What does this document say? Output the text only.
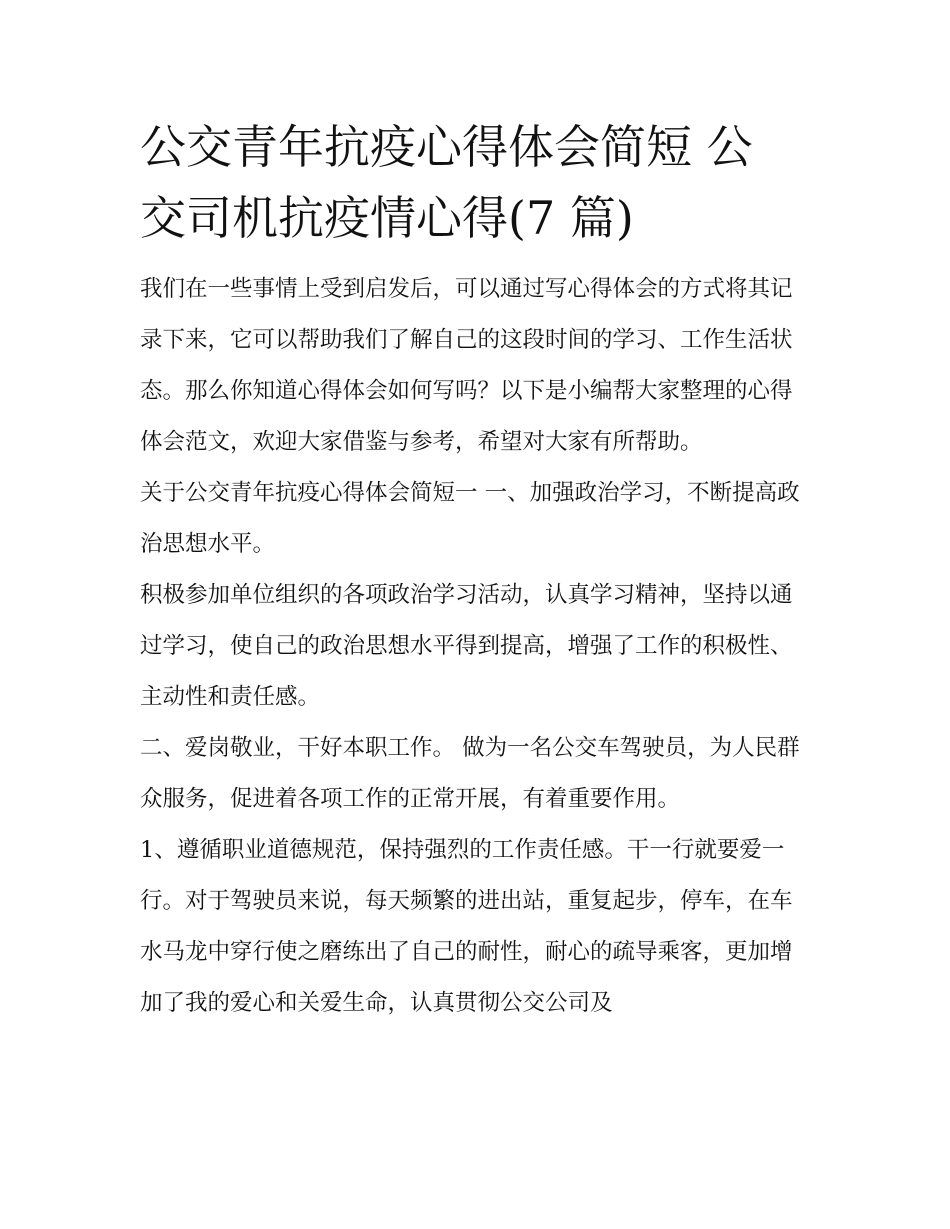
公交青年抗疫心得体会简短 公
交司机抗疫情心得(7 篇)

我们在一些事情上受到启发后，可以通过写心得体会的方式将其记录下来，它可以帮助我们了解自己的这段时间的学习、工作生活状态。那么你知道心得体会如何写吗？以下是小编帮大家整理的心得体会范文，欢迎大家借鉴与参考，希望对大家有所帮助。

关于公交青年抗疫心得体会简短一 一、加强政治学习，不断提高政治思想水平。

积极参加单位组织的各项政治学习活动，认真学习精神，坚持以通过学习，使自己的政治思想水平得到提高，增强了工作的积极性、主动性和责任感。

二、爱岗敬业，干好本职工作。 做为一名公交车驾驶员，为人民群众服务，促进着各项工作的正常开展，有着重要作用。

1、遵循职业道德规范，保持强烈的工作责任感。干一行就要爱一行。对于驾驶员来说，每天频繁的进出站，重复起步，停车，在车水马龙中穿行使之磨练出了自己的耐性，耐心的疏导乘客，更加增加了我的爱心和关爱生命，认真贯彻公交公司及
